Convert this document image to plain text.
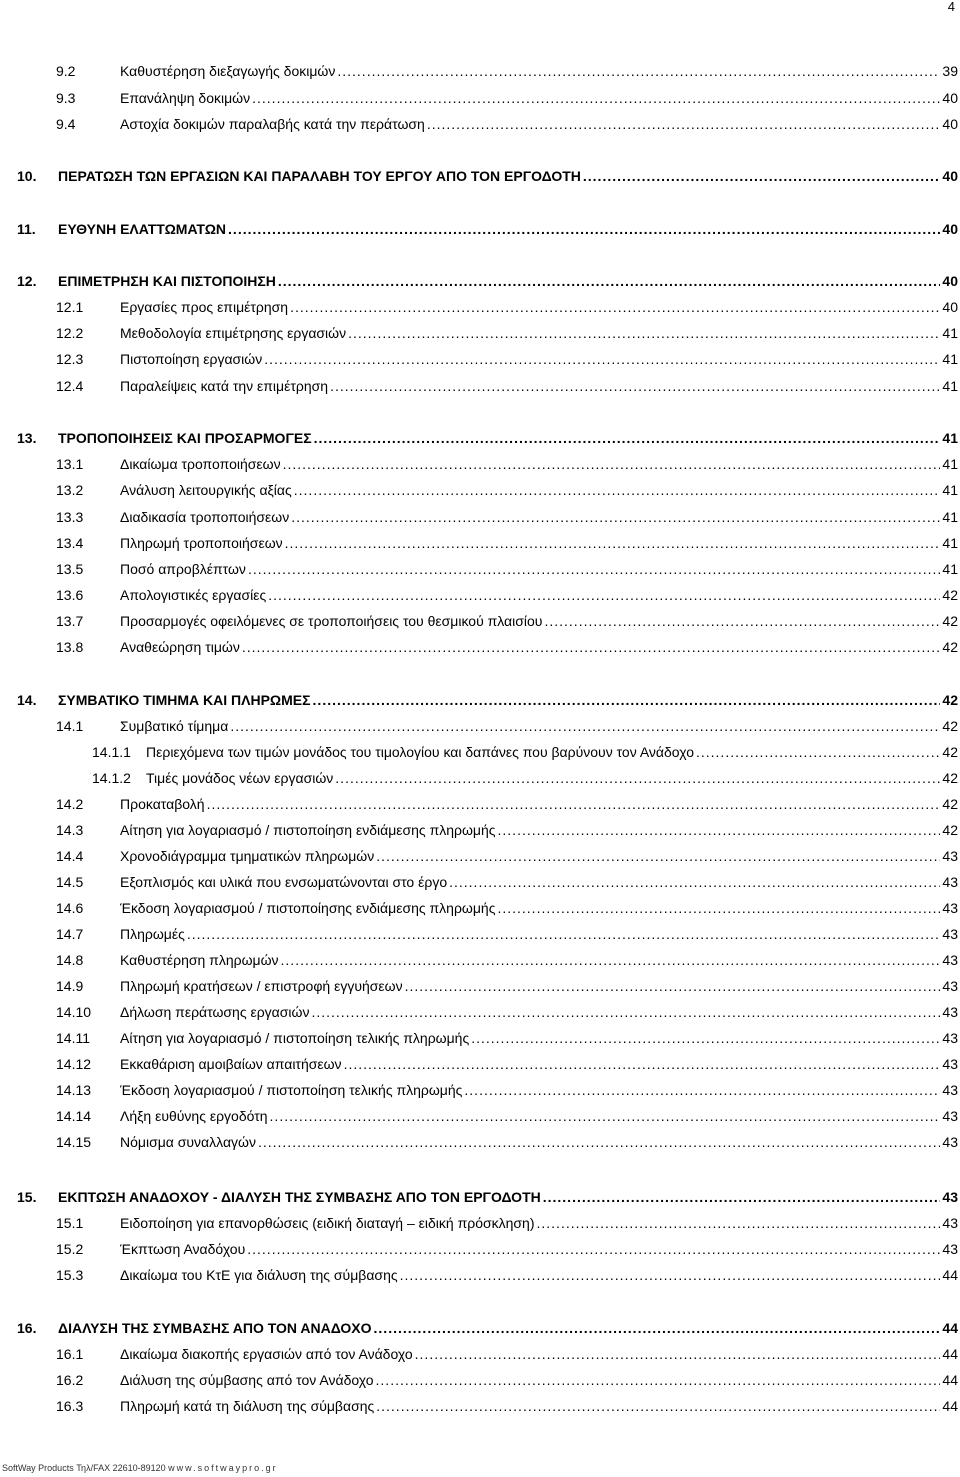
4
9.2	Καθυστέρηση διεξαγωγής δοκιμών .....	39
9.3	Επανάληψη δοκιμών .....	40
9.4	Αστοχία δοκιμών παραλαβής κατά την περάτωση .....	40
10. ΠΕΡΑΤΩΣΗ ΤΩΝ ΕΡΓΑΣΙΩΝ ΚΑΙ ΠΑΡΑΛΑΒΗ ΤΟΥ ΕΡΓΟΥ ΑΠΟ ΤΟΝ ΕΡΓΟΔΟΤΗ .....	40
11. ΕΥΘΥΝΗ ΕΛΑΤΤΩΜΑΤΩΝ .....	40
12. ΕΠΙΜΕΤΡΗΣΗ ΚΑΙ ΠΙΣΤΟΠΟΙΗΣΗ .....	40
12.1	Εργασίες προς επιμέτρηση .....	40
12.2	Μεθοδολογία επιμέτρησης εργασιών .....	41
12.3	Πιστοποίηση εργασιών .....	41
12.4	Παραλείψεις κατά την επιμέτρηση .....	41
13. ΤΡΟΠΟΠΟΙΗΣΕΙΣ ΚΑΙ ΠΡΟΣΑΡΜΟΓΕΣ .....	41
13.1	Δικαίωμα τροποποιήσεων .....	41
13.2	Ανάλυση λειτουργικής αξίας .....	41
13.3	Διαδικασία τροποποιήσεων .....	41
13.4	Πληρωμή τροποποιήσεων .....	41
13.5	Ποσό απροβλέπτων .....	41
13.6	Απολογιστικές εργασίες .....	42
13.7	Προσαρμογές οφειλόμενες σε τροποποιήσεις του θεσμικού πλαισίου .....	42
13.8	Αναθεώρηση τιμών .....	42
14. ΣΥΜΒΑΤΙΚΟ ΤΙΜΗΜΑ ΚΑΙ ΠΛΗΡΩΜΕΣ .....	42
14.1	Συμβατικό τίμημα .....	42
14.1.1 Περιεχόμενα των τιμών μονάδος του τιμολογίου και δαπάνες που βαρύνουν τον Ανάδοχο .....	42
14.1.2 Τιμές μονάδος νέων εργασιών .....	42
14.2	Προκαταβολή .....	42
14.3	Αίτηση για λογαριασμό / πιστοποίηση ενδιάμεσης πληρωμής .....	42
14.4	Χρονοδιάγραμμα τμηματικών πληρωμών .....	43
14.5	Εξοπλισμός και υλικά που ενσωματώνονται στο έργο .....	43
14.6	Έκδοση λογαριασμού / πιστοποίησης ενδιάμεσης πληρωμής .....	43
14.7	Πληρωμές .....	43
14.8	Καθυστέρηση πληρωμών .....	43
14.9	Πληρωμή κρατήσεων / επιστροφή εγγυήσεων .....	43
14.10 Δήλωση περάτωσης εργασιών .....	43
14.11 Αίτηση για λογαριασμό / πιστοποίηση τελικής πληρωμής .....	43
14.12 Εκκαθάριση αμοιβαίων απαιτήσεων .....	43
14.13 Έκδοση λογαριασμού / πιστοποίηση τελικής πληρωμής .....	43
14.14 Λήξη ευθύνης εργοδότη .....	43
14.15 Νόμισμα συναλλαγών .....	43
15. ΕΚΠΤΩΣΗ ΑΝΑΔΟΧΟΥ - ΔΙΑΛΥΣΗ ΤΗΣ ΣΥΜΒΑΣΗΣ ΑΠΟ ΤΟΝ ΕΡΓΟΔΟΤΗ .....	43
15.1	Ειδοποίηση για επανορθώσεις (ειδική διαταγή – ειδική πρόσκληση) .....	43
15.2	Έκπτωση Αναδόχου .....	43
15.3	Δικαίωμα του ΚτΕ για διάλυση της σύμβασης .....	44
16. ΔΙΑΛΥΣΗ ΤΗΣ ΣΥΜΒΑΣΗΣ ΑΠΟ ΤΟΝ ΑΝΑΔΟΧΟ .....	44
16.1	Δικαίωμα διακοπής εργασιών από τον Ανάδοχο .....	44
16.2	Διάλυση της σύμβασης από τον Ανάδοχο .....	44
16.3	Πληρωμή κατά τη διάλυση της σύμβασης .....	44
SoftWay Products Τηλ/FAX 22610-89120 www.softwaypro.gr
